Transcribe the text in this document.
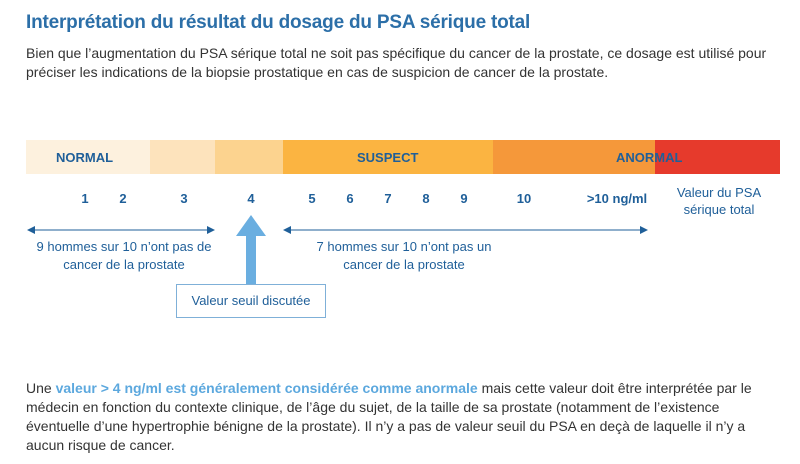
Interprétation du résultat du dosage du PSA sérique total

Bien que l’augmentation du PSA sérique total ne soit pas spécifique du cancer de la prostate, ce dosage est utilisé pour préciser les indications de la biopsie prostatique en cas de suspicion de cancer de la prostate.

NORMAL	SUSPECT	ANORMAL
1 2	3	4	5 6 7 8 9	10	>10 ng/ml	Valeur du PSA sérique total
9 hommes sur 10 n’ont pas de cancer de la prostate
7 hommes sur 10 n’ont pas un cancer de la prostate
Valeur seuil discutée

Une valeur > 4 ng/ml est généralement considérée comme anormale mais cette valeur doit être interprétée par le médecin en fonction du contexte clinique, de l’âge du sujet, de la taille de sa prostate (notamment de l’existence éventuelle d’une hypertrophie bénigne de la prostate). Il n’y a pas de valeur seuil du PSA en deçà de laquelle il n’y a aucun risque de cancer.
